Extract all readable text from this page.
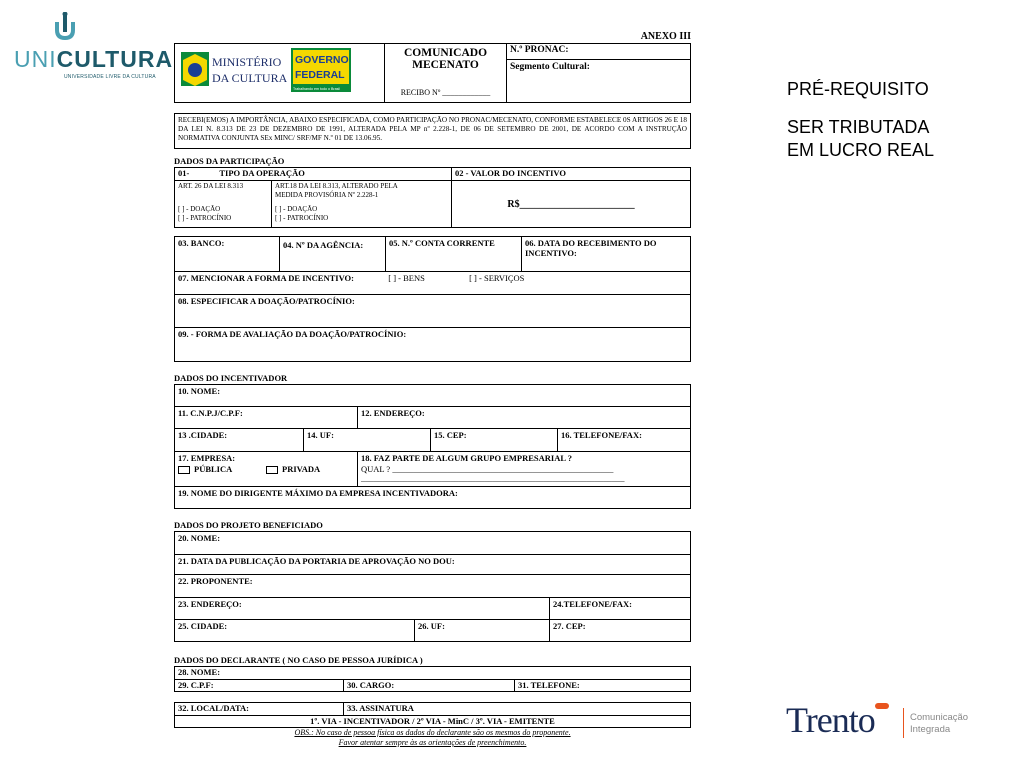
UNICULTURA
UNIVERSIDADE LIVRE DA CULTURA
PRÉ-REQUISITO
SER TRIBUTADA
EM LUCRO REAL
Trento	Comunicação
Integrada
ANEXO III
MINISTÉRIO
DA CULTURA
GOVERNO
FEDERAL
Trabalhando em todo o Brasil
COMUNICADO
MECENATO
RECIBO Nº ____________
N.º PRONAC:
Segmento Cultural:
RECEBI(EMOS) A IMPORTÂNCIA, ABAIXO ESPECIFICADA, COMO PARTICIPAÇÃO NO PRONAC/MECENATO, CONFORME ESTABELECE 0S ARTIGOS 26 E 18 DA LEI N. 8.313 DE 23 DE DEZEMBRO DE 1991, ALTERADA PELA MP nº 2.228-1, DE 06 DE SETEMBRO DE 2001, DE ACORDO COM A INSTRUÇÃO NORMATIVA CONJUNTA SEx MINC/ SRF/MF N.º 01 DE 13.06.95.
DADOS DA PARTICIPAÇÃO
01-	TIPO DA OPERAÇÃO	02 - VALOR DO INCENTIVO
ART. 26 DA LEI 8.313
[ ] - DOAÇÃO
[ ] - PATROCÍNIO
ART.18 DA LEI 8.313, ALTERADO PELA
MEDIDA PROVISÓRIA Nº 2.228-1
[ ] - DOAÇÃO
[ ] - PATROCÍNIO
R$_______________________
03. BANCO:	04. Nº DA AGÊNCIA:	05. N.º CONTA CORRENTE	06. DATA DO RECEBIMENTO DO INCENTIVO:
07. MENCIONAR A FORMA DE INCENTIVO:	[ ] - BENS	[ ] - SERVIÇOS
08. ESPECIFICAR A DOAÇÃO/PATROCÍNIO:
09. - FORMA DE AVALIAÇÃO DA DOAÇÃO/PATROCÍNIO:
DADOS DO INCENTIVADOR
10. NOME:
11. C.N.P.J/C.P.F:	12. ENDEREÇO:
13 .CIDADE:	14. UF:	15. CEP:	16. TELEFONE/FAX:
17. EMPRESA:
PÚBLICA	PRIVADA
18. FAZ PARTE DE ALGUM GRUPO EMPRESARIAL ?
QUAL ? ____________________________________________________
______________________________________________________________
19. NOME DO DIRIGENTE MÁXIMO DA EMPRESA INCENTIVADORA:
DADOS DO PROJETO BENEFICIADO
20. NOME:
21. DATA DA PUBLICAÇÃO DA PORTARIA DE APROVAÇÃO NO DOU:
22. PROPONENTE:
23. ENDEREÇO:	24.TELEFONE/FAX:
25. CIDADE:	26. UF:	27. CEP:
DADOS DO DECLARANTE ( NO CASO DE PESSOA JURÍDICA )
28. NOME:
29. C.P.F:	30. CARGO:	31. TELEFONE:
32. LOCAL/DATA:	33. ASSINATURA
1º. VIA - INCENTIVADOR / 2º VIA - MinC / 3º. VIA - EMITENTE
OBS.: No caso de pessoa física os dados do declarante são os mesmos do proponente.
Favor atentar sempre às as orientações de preenchimento.
